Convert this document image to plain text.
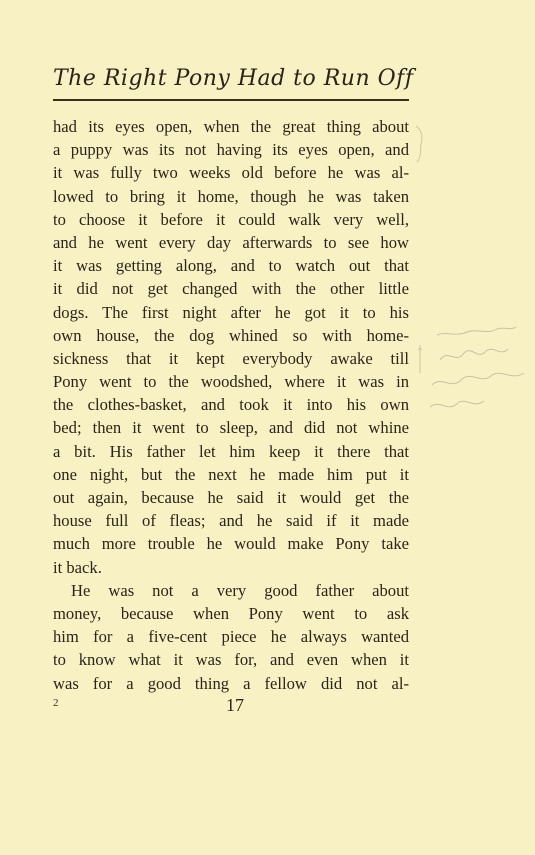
The Right Pony Had to Run Off
had its eyes open, when the great thing about
a puppy was its not having its eyes open, and
it was fully two weeks old before he was al-
lowed to bring it home, though he was taken
to choose it before it could walk very well,
and he went every day afterwards to see how
it was getting along, and to watch out that
it did not get changed with the other little
dogs. The first night after he got it to his
own house, the dog whined so with home-
sickness that it kept everybody awake till
Pony went to the woodshed, where it was in
the clothes-basket, and took it into his own
bed; then it went to sleep, and did not whine
a bit. His father let him keep it there that
one night, but the next he made him put it
out again, because he said it would get the
house full of fleas; and he said if it made
much more trouble he would make Pony take
it back.
He was not a very good father about
money, because when Pony went to ask
him for a five-cent piece he always wanted
to know what it was for, and even when it
was for a good thing a fellow did not al-
2	17
